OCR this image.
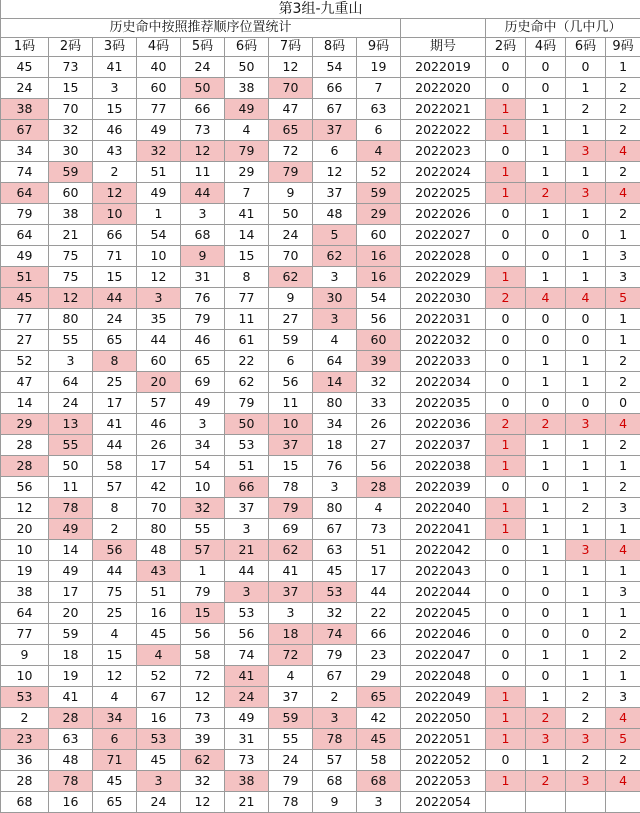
第3组-九重山													
历史命中按照推荐顺序位置统计										历史命中（几中几）			
1码	2码	3码	4码	5码	6码	7码	8码	9码	期号	2码	4码	6码	9码
45	73	41	40	24	50	12	54	19	2022019	0	0	0	1
24	15	3	60	50	38	70	66	7	2022020	0	0	1	2
38	70	15	77	66	49	47	67	63	2022021	1	1	2	2
67	32	46	49	73	4	65	37	6	2022022	1	1	1	2
34	30	43	32	12	79	72	6	4	2022023	0	1	3	4
74	59	2	51	11	29	79	12	52	2022024	1	1	1	2
64	60	12	49	44	7	9	37	59	2022025	1	2	3	4
79	38	10	1	3	41	50	48	29	2022026	0	1	1	2
64	21	66	54	68	14	24	5	60	2022027	0	0	0	1
49	75	71	10	9	15	70	62	16	2022028	0	0	1	3
51	75	15	12	31	8	62	3	16	2022029	1	1	1	3
45	12	44	3	76	77	9	30	54	2022030	2	4	4	5
77	80	24	35	79	11	27	3	56	2022031	0	0	0	1
27	55	65	44	46	61	59	4	60	2022032	0	0	0	1
52	3	8	60	65	22	6	64	39	2022033	0	1	1	2
47	64	25	20	69	62	56	14	32	2022034	0	1	1	2
14	24	17	57	49	79	11	80	33	2022035	0	0	0	0
29	13	41	46	3	50	10	34	26	2022036	2	2	3	4
28	55	44	26	34	53	37	18	27	2022037	1	1	1	2
28	50	58	17	54	51	15	76	56	2022038	1	1	1	1
56	11	57	42	10	66	78	3	28	2022039	0	0	1	2
12	78	8	70	32	37	79	80	4	2022040	1	1	2	3
20	49	2	80	55	3	69	67	73	2022041	1	1	1	1
10	14	56	48	57	21	62	63	51	2022042	0	1	3	4
19	49	44	43	1	44	41	45	17	2022043	0	1	1	1
38	17	75	51	79	3	37	53	44	2022044	0	0	1	3
64	20	25	16	15	53	3	32	22	2022045	0	0	1	1
77	59	4	45	56	56	18	74	66	2022046	0	0	0	2
9	18	15	4	58	74	72	79	23	2022047	0	1	1	2
10	19	12	52	72	41	4	67	29	2022048	0	0	1	1
53	41	4	67	12	24	37	2	65	2022049	1	1	2	3
2	28	34	16	73	49	59	3	42	2022050	1	2	2	4
23	63	6	53	39	31	55	78	45	2022051	1	3	3	5
36	48	71	45	62	73	24	57	58	2022052	0	1	2	2
28	78	45	3	32	38	79	68	68	2022053	1	2	3	4
68	16	65	24	12	21	78	9	3	2022054				
